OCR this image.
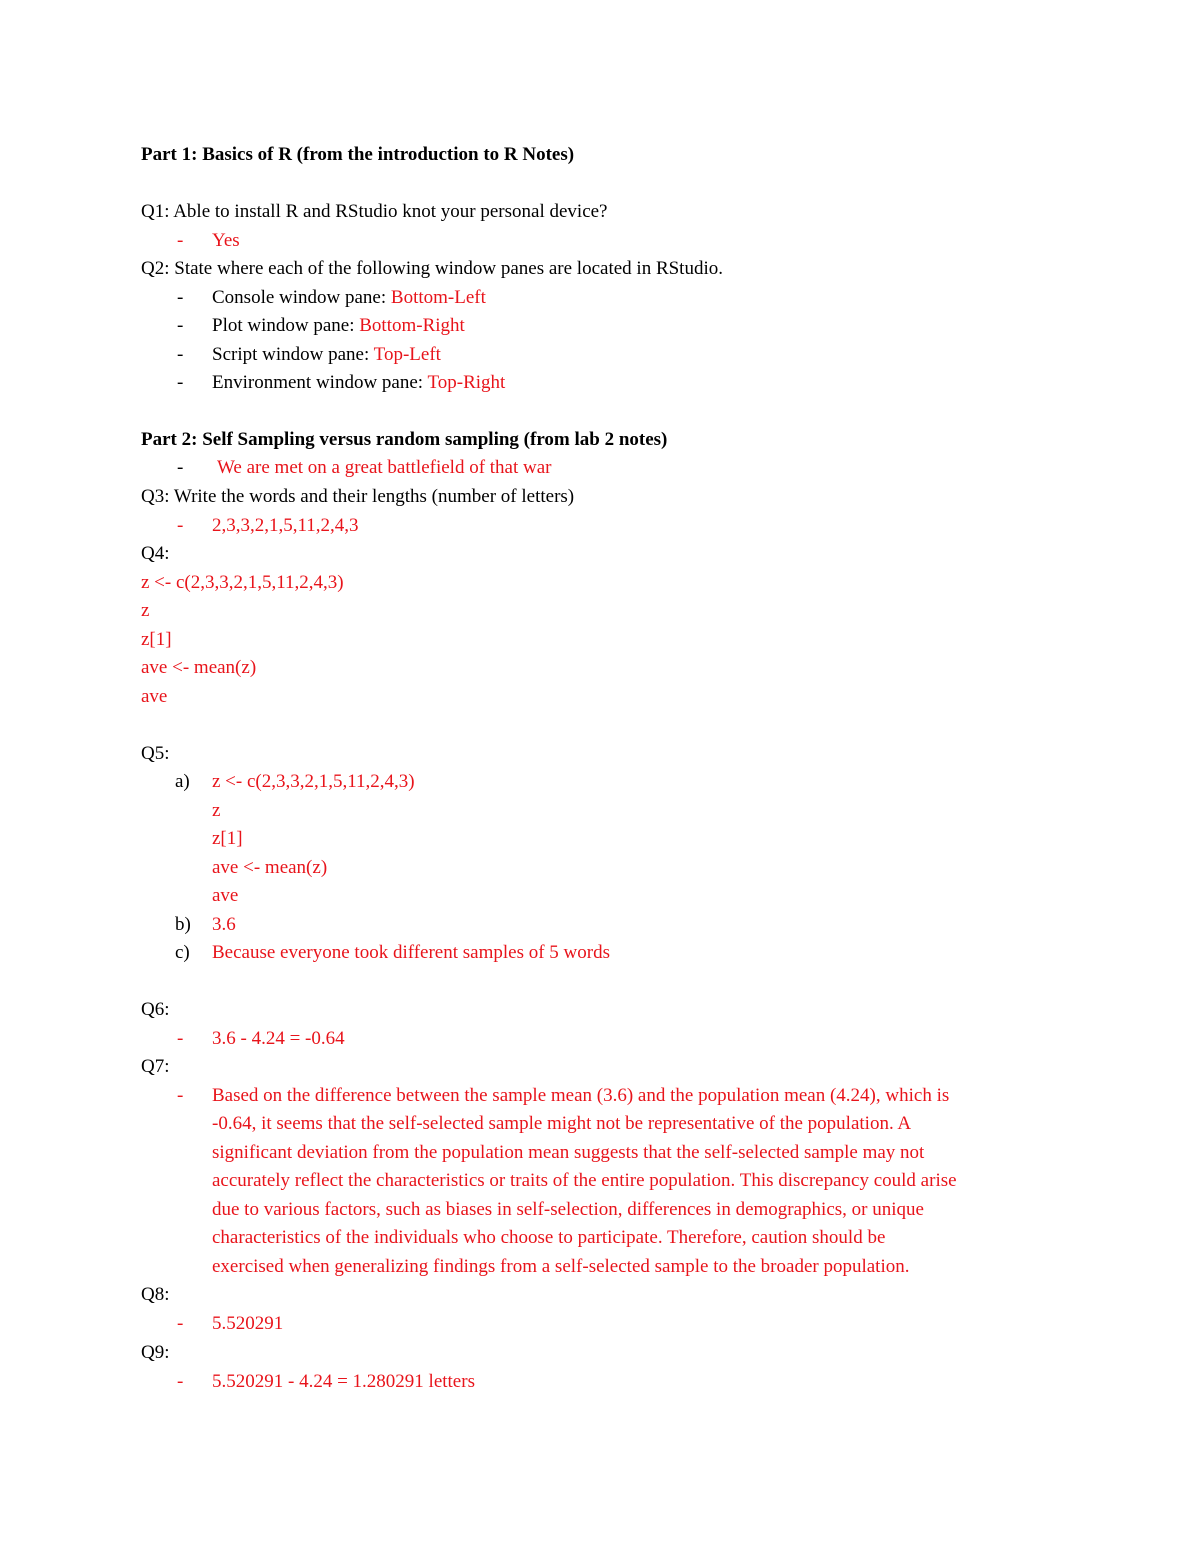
Part 1: Basics of R (from the introduction to R Notes)
Q1: Able to install R and RStudio knot your personal device?
- Yes
Q2: State where each of the following window panes are located in RStudio.
- Console window pane: Bottom-Left
- Plot window pane: Bottom-Right
- Script window pane: Top-Left
- Environment window pane: Top-Right
Part 2: Self Sampling versus random sampling (from lab 2 notes)
- We are met on a great battlefield of that war
Q3: Write the words and their lengths (number of letters)
- 2,3,3,2,1,5,11,2,4,3
Q4:
z <- c(2,3,3,2,1,5,11,2,4,3)
z
z[1]
ave <- mean(z)
ave
Q5:
a) z <- c(2,3,3,2,1,5,11,2,4,3)
z
z[1]
ave <- mean(z)
ave
b) 3.6
c) Because everyone took different samples of 5 words
Q6:
- 3.6 - 4.24 = -0.64
Q7:
- Based on the difference between the sample mean (3.6) and the population mean (4.24), which is
-0.64, it seems that the self-selected sample might not be representative of the population. A
significant deviation from the population mean suggests that the self-selected sample may not
accurately reflect the characteristics or traits of the entire population. This discrepancy could arise
due to various factors, such as biases in self-selection, differences in demographics, or unique
characteristics of the individuals who choose to participate. Therefore, caution should be
exercised when generalizing findings from a self-selected sample to the broader population.
Q8:
- 5.520291
Q9:
- 5.520291 - 4.24 = 1.280291 letters
